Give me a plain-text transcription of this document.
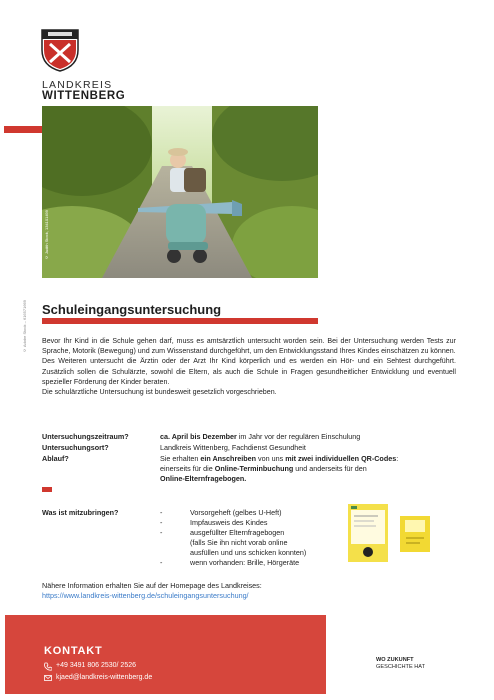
LANDKREIS
WITTENBERG
© Judith Stock, 134101499
© Adobe Stock – 616571669 Schuleingangsuntersuchung

Bevor Ihr Kind in die Schule gehen darf, muss es amtsärztlich untersucht worden sein. Bei der Untersuchung werden Tests zur Sprache, Motorik (Bewegung) und zum Wissenstand durchgeführt, um den Entwicklungsstand Ihres Kindes einschätzen zu können.

Des Weiteren untersucht die Ärztin oder der Arzt Ihr Kind körperlich und es werden ein Hör- und ein Sehtest durchgeführt. Zusätzlich sollen die Schulärzte, sowohl die Eltern, als auch die Schule in Fragen gesundheitlicher Entwicklung und eventuell spezieller Förderung der Kinder beraten.

Die schulärztliche Untersuchung ist bundesweit gesetzlich vorgeschrieben.

Untersuchungszeitraum?
Untersuchungsort?
Ablauf?
ca. April bis Dezember im Jahr vor der regulären Einschulung
Landkreis Wittenberg, Fachdienst Gesundheit
Sie erhalten ein Anschreiben von uns mit zwei individuellen QR-Codes:
einerseits für die Online-Terminbuchung und anderseits für den
Online-Elternfragebogen.
Was ist mitzubringen?	-
-
-
-
Vorsorgeheft (gelbes U-Heft)
Impfausweis des Kindes
ausgefüllter Elternfragebogen
(falls Sie ihn nicht vorab online
ausfüllen und uns schicken konnten)
wenn vorhanden: Brille, Hörgeräte
Nähere Information erhalten Sie auf der Homepage des Landkreises:
https://www.landkreis-wittenberg.de/schuleingangsuntersuchung/
KONTAKT
+49 3491 806 2530/ 2526
kjaed@landkreis-wittenberg.de
WO ZUKUNFT
GESCHICHTE HAT
